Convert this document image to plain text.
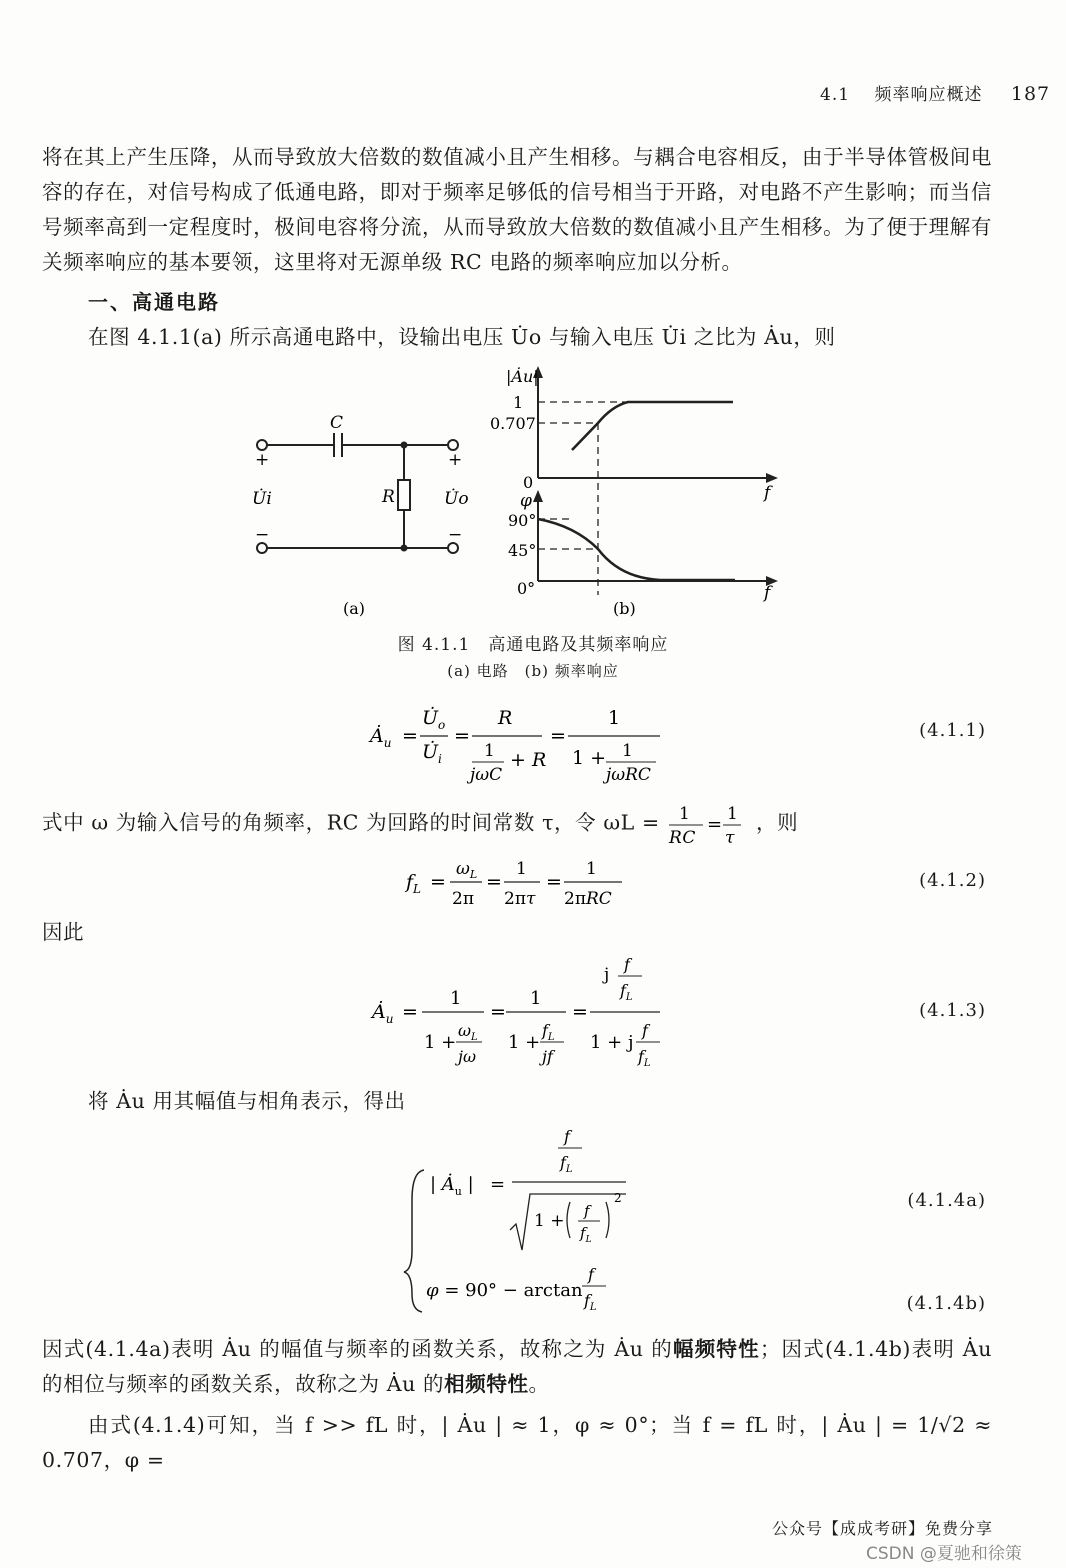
4.1 频率响应概述 187
将在其上产生压降，从而导致放大倍数的数值减小且产生相移。与耦合电容相反，由于半导体管极间电容的存在，对信号构成了低通电路，即对于频率足够低的信号相当于开路，对电路不产生影响；而当信号频率高到一定程度时，极间电容将分流，从而导致放大倍数的数值减小且产生相移。为了便于理解有关频率响应的基本要领，这里将对无源单级 RC 电路的频率响应加以分析。
一、高通电路
在图 4.1.1(a) 所示高通电路中，设输出电压 U̇o 与输入电压 U̇i 之比为 Ȧu，则
C
R
+	+
U̇i	U̇o
−	−
(a)
|Ȧu|
1
0.707
0
f
φ
90°
45°
0°	f
(b)
图 4.1.1　高通电路及其频率响应
(a) 电路　(b) 频率响应
$Ȧ_u$ =
$U̇_o$
$U̇_i$
=
R
1
jωC
+ R
=
1
1 + 1
jωRC
(4.1.1)
式中 ω 为输入信号的角频率，RC 为回路的时间常数 τ，令 ωL = 1
RC
= 1
τ
，则
$f_L$ =
$\omega_L$
2π
=
1
2πτ
=
1
2πRC
(4.1.2)
因此
$Ȧ_u$ =
1
1 +
$\omega_L$
jω
=
1
1 +
$f_L$
jf
=
j
f
$f_L$
1 + j
f
$f_L$
(4.1.3)
将 Ȧu 用其幅值与相角表示，得出
| $Ȧ_u$ | =
f
$f_L$
1 + f
$f_L$
2
φ = 90° − arctan
f
$f_L$
(4.1.4a)
(4.1.4b)
因式(4.1.4a)表明 Ȧu 的幅值与频率的函数关系，故称之为 Ȧu 的幅频特性；因式(4.1.4b)表明 Ȧu 的相位与频率的函数关系，故称之为 Ȧu 的相频特性。
由式(4.1.4)可知，当 f >> fL 时，| Ȧu | ≈ 1，φ ≈ 0°；当 f = fL 时，| Ȧu | = 1/√2 ≈ 0.707，φ =
公众号【成成考研】免费分享
CSDN @夏驰和徐策
